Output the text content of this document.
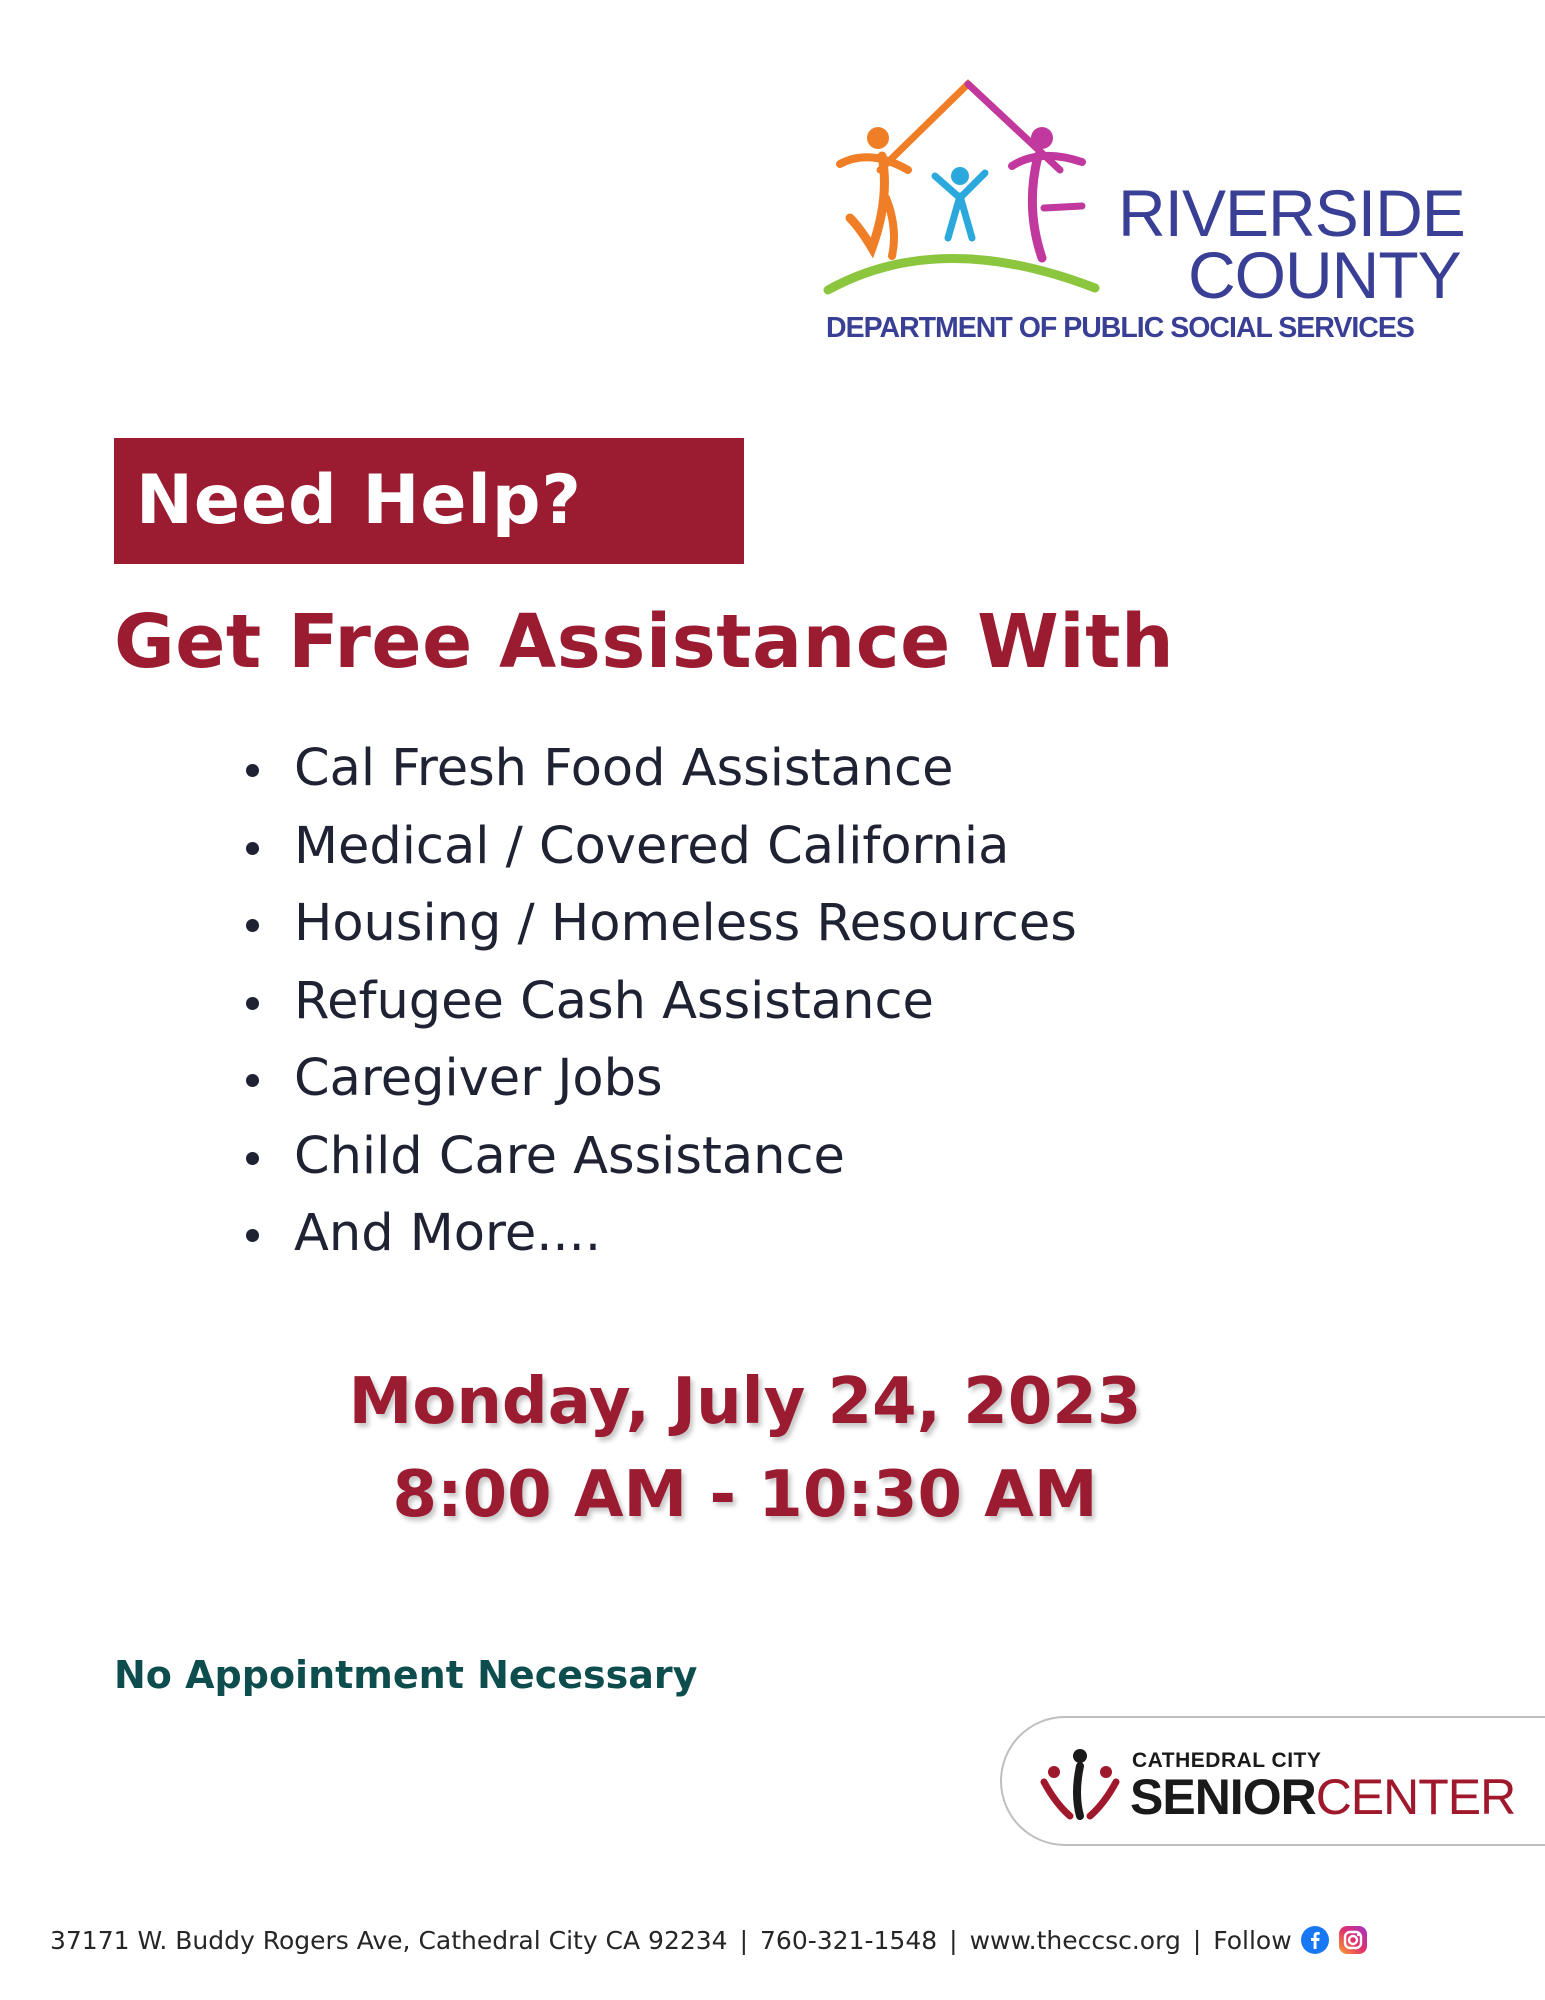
RIVERSIDE
COUNTY
DEPARTMENT OF PUBLIC SOCIAL SERVICES
Need Help?
Get Free Assistance With
Cal Fresh Food Assistance
Medical / Covered California
Housing / Homeless Resources
Refugee Cash Assistance
Caregiver Jobs
Child Care Assistance
And More....
Monday, July 24, 2023
8:00 AM - 10:30 AM
No Appointment Necessary
CATHEDRAL CITY
SENIORCENTER
37171 W. Buddy Rogers Ave, Cathedral City CA 92234 | 760-321-1548 | www.theccsc.org | Follow
